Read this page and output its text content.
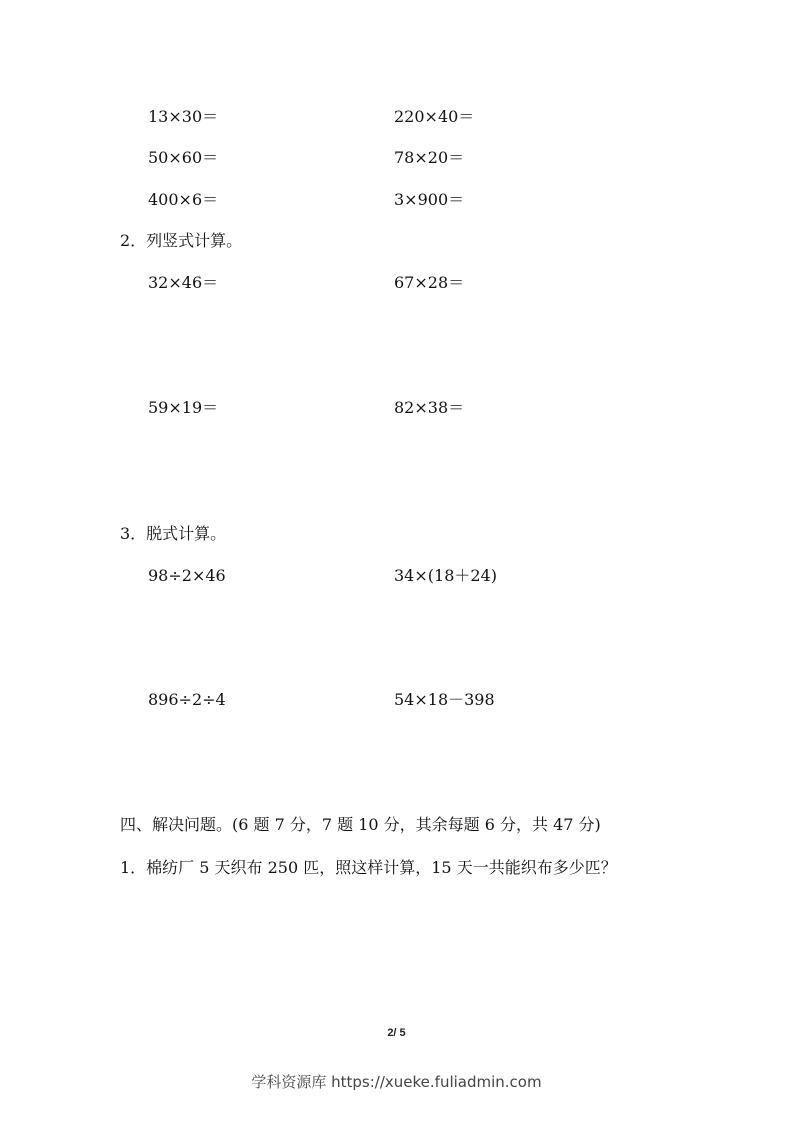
13×30＝	220×40＝
50×60＝	78×20＝
400×6＝	3×900＝
2．列竖式计算。
32×46＝	67×28＝
59×19＝	82×38＝
3．脱式计算。
98÷2×46	34×(18＋24)
896÷2÷4	54×18－398
四、解决问题。(6 题 7 分，7 题 10 分，其余每题 6 分，共 47 分)
1．棉纺厂 5 天织布 250 匹，照这样计算，15 天一共能织布多少匹？
2/ 5
学科资源库 https://xueke.fuliadmin.com
